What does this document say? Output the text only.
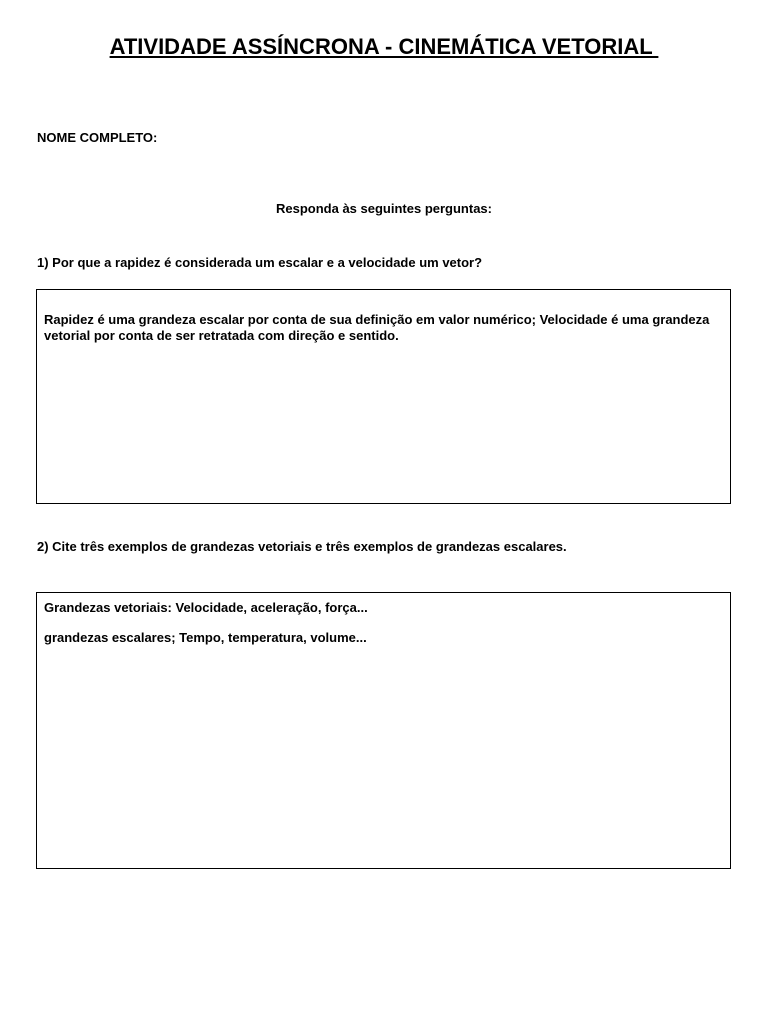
ATIVIDADE ASSÍNCRONA - CINEMÁTICA VETORIAL

NOME COMPLETO:

Responda às seguintes perguntas:

1) Por que a rapidez é considerada um escalar e a velocidade um vetor?

Rapidez é uma grandeza escalar por conta de sua definição em valor numérico; Velocidade é uma grandeza vetorial por conta de ser retratada com direção e sentido.

2) Cite três exemplos de grandezas vetoriais e três exemplos de grandezas escalares.

Grandezas vetoriais: Velocidade, aceleração, força...

grandezas escalares; Tempo, temperatura, volume...
